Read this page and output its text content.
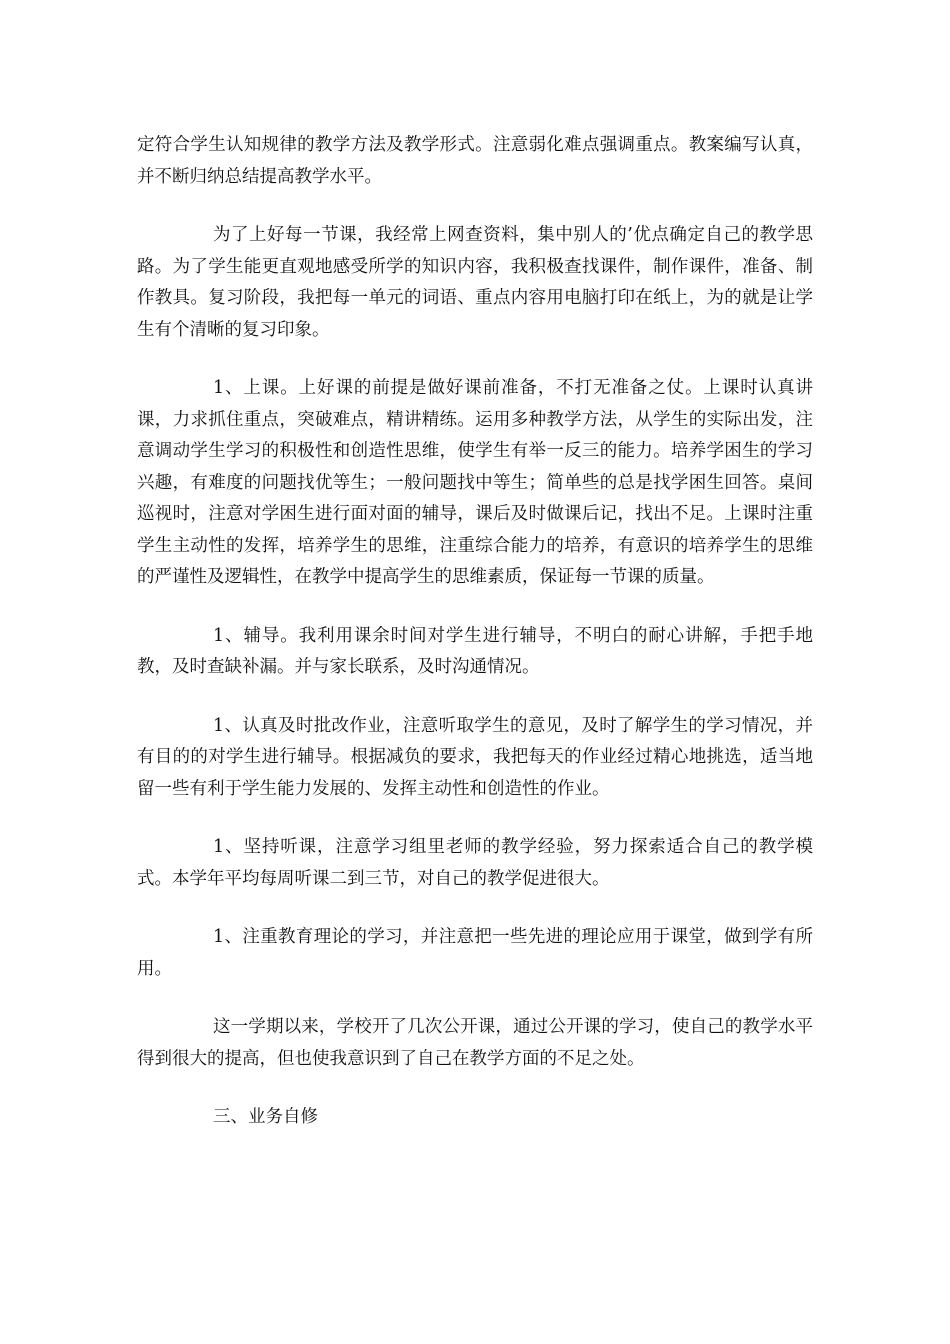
定符合学生认知规律的教学方法及教学形式。注意弱化难点强调重点。教案编写认真，并不断归纳总结提高教学水平。

为了上好每一节课，我经常上网查资料，集中别人的’优点确定自己的教学思路。为了学生能更直观地感受所学的知识内容，我积极查找课件，制作课件，准备、制作教具。复习阶段，我把每一单元的词语、重点内容用电脑打印在纸上，为的就是让学生有个清晰的复习印象。

1、上课。上好课的前提是做好课前准备，不打无准备之仗。上课时认真讲课，力求抓住重点，突破难点，精讲精练。运用多种教学方法，从学生的实际出发，注意调动学生学习的积极性和创造性思维，使学生有举一反三的能力。培养学困生的学习兴趣，有难度的问题找优等生；一般问题找中等生；简单些的总是找学困生回答。桌间巡视时，注意对学困生进行面对面的辅导，课后及时做课后记，找出不足。上课时注重学生主动性的发挥，培养学生的思维，注重综合能力的培养，有意识的培养学生的思维的严谨性及逻辑性，在教学中提高学生的思维素质，保证每一节课的质量。

1、辅导。我利用课余时间对学生进行辅导，不明白的耐心讲解，手把手地教，及时查缺补漏。并与家长联系，及时沟通情况。

1、认真及时批改作业，注意听取学生的意见，及时了解学生的学习情况，并有目的的对学生进行辅导。根据减负的要求，我把每天的作业经过精心地挑选，适当地留一些有利于学生能力发展的、发挥主动性和创造性的作业。

1、坚持听课，注意学习组里老师的教学经验，努力探索适合自己的教学模式。本学年平均每周听课二到三节，对自己的教学促进很大。

1、注重教育理论的学习，并注意把一些先进的理论应用于课堂，做到学有所用。

这一学期以来，学校开了几次公开课，通过公开课的学习，使自己的教学水平得到很大的提高，但也使我意识到了自己在教学方面的不足之处。

三、业务自修
